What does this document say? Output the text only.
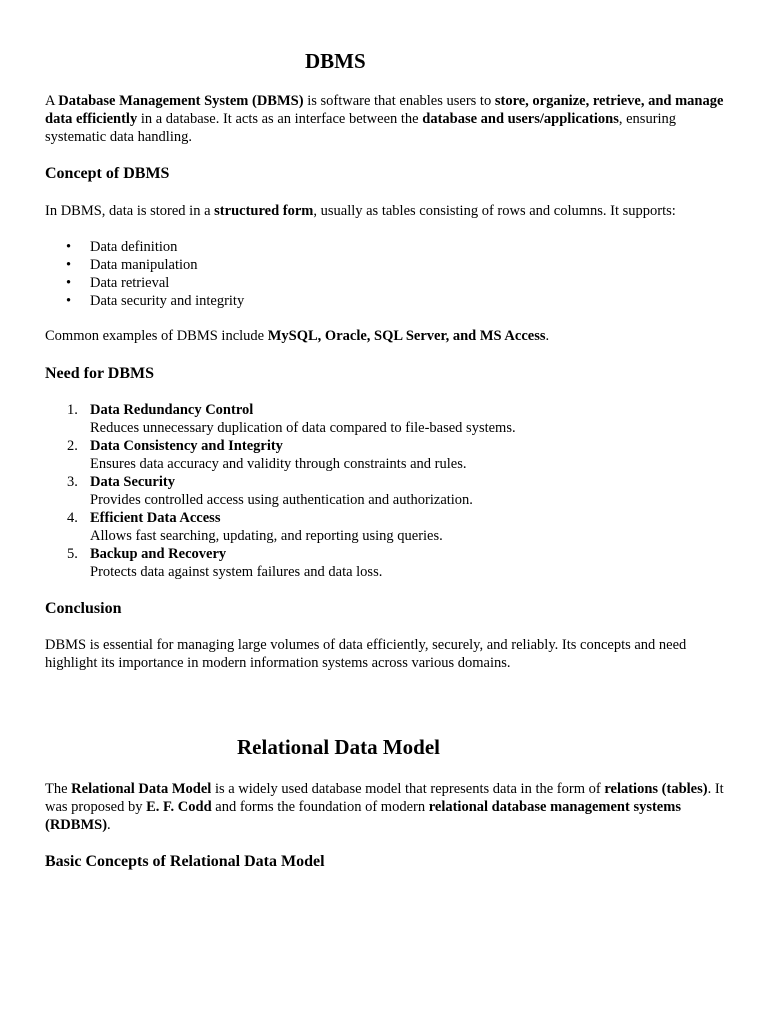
DBMS

A Database Management System (DBMS) is software that enables users to store, organize, retrieve, and manage data efficiently in a database. It acts as an interface between the database and users/applications, ensuring systematic data handling.

Concept of DBMS

In DBMS, data is stored in a structured form, usually as tables consisting of rows and columns. It supports:

• Data definition
• Data manipulation
• Data retrieval
• Data security and integrity

Common examples of DBMS include MySQL, Oracle, SQL Server, and MS Access.

Need for DBMS
1. Data Redundancy Control
Reduces unnecessary duplication of data compared to file-based systems.
2. Data Consistency and Integrity
Ensures data accuracy and validity through constraints and rules.
3. Data Security
Provides controlled access using authentication and authorization.
4. Efficient Data Access
Allows fast searching, updating, and reporting using queries.
5. Backup and Recovery
Protects data against system failures and data loss.
Conclusion

DBMS is essential for managing large volumes of data efficiently, securely, and reliably. Its concepts and need highlight its importance in modern information systems across various domains.

Relational Data Model

The Relational Data Model is a widely used database model that represents data in the form of relations (tables). It was proposed by E. F. Codd and forms the foundation of modern relational database management systems (RDBMS).

Basic Concepts of Relational Data Model
